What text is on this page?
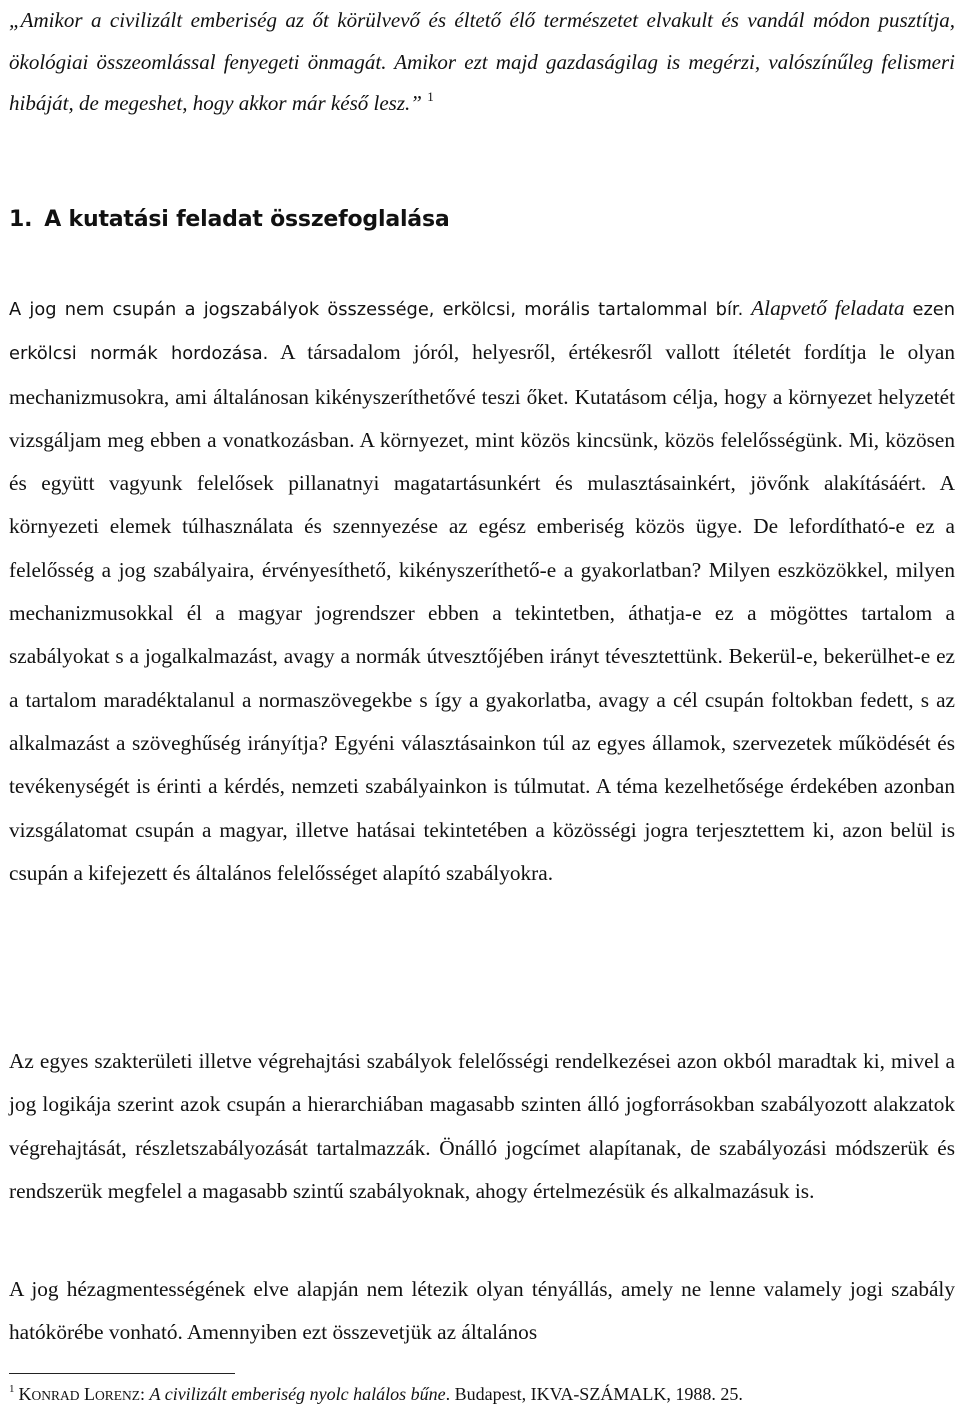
„Amikor a civilizált emberiség az őt körülvevő és éltető élő természetet elvakult és vandál módon pusztítja, ökológiai összeomlással fenyegeti önmagát. Amikor ezt majd gazdaságilag is megérzi, valószínűleg felismeri hibáját, de megeshet, hogy akkor már késő lesz.” $^1$
1. A kutatási feladat összefoglalása
A jog nem csupán a jogszabályok összessége, erkölcsi, morális tartalommal bír. Alapvető feladata ezen erkölcsi normák hordozása. A társadalom jóról, helyesről, értékesről vallott ítéletét fordítja le olyan mechanizmusokra, ami általánosan kikényszeríthetővé teszi őket. Kutatásom célja, hogy a környezet helyzetét vizsgáljam meg ebben a vonatkozásban. A környezet, mint közös kincsünk, közös felelősségünk. Mi, közösen és együtt vagyunk felelősek pillanatnyi magatartásunkért és mulasztásainkért, jövőnk alakításáért. A környezeti elemek túlhasználata és szennyezése az egész emberiség közös ügye. De lefordítható-e ez a felelősség a jog szabályaira, érvényesíthető, kikényszeríthető-e a gyakorlatban? Milyen eszközökkel, milyen mechanizmusokkal él a magyar jogrendszer ebben a tekintetben, áthatja-e ez a mögöttes tartalom a szabályokat s a jogalkalmazást, avagy a normák útvesztőjében irányt tévesztettünk. Bekerül-e, bekerülhet-e ez a tartalom maradéktalanul a normaszövegekbe s így a gyakorlatba, avagy a cél csupán foltokban fedett, s az alkalmazást a szöveghűség irányítja? Egyéni választásainkon túl az egyes államok, szervezetek működését és tevékenységét is érinti a kérdés, nemzeti szabályainkon is túlmutat. A téma kezelhetősége érdekében azonban vizsgálatomat csupán a magyar, illetve hatásai tekintetében a közösségi jogra terjesztettem ki, azon belül is csupán a kifejezett és általános felelősséget alapító szabályokra.
Az egyes szakterületi illetve végrehajtási szabályok felelősségi rendelkezései azon okból maradtak ki, mivel a jog logikája szerint azok csupán a hierarchiában magasabb szinten álló jogforrásokban szabályozott alakzatok végrehajtását, részletszabályozását tartalmazzák. Önálló jogcímet alapítanak, de szabályozási módszerük és rendszerük megfelel a magasabb szintű szabályoknak, ahogy értelmezésük és alkalmazásuk is.
A jog hézagmentességének elve alapján nem létezik olyan tényállás, amely ne lenne valamely jogi szabály hatókörébe vonható. Amennyiben ezt összevetjük az általános
$^1$ KONRAD LORENZ: A civilizált emberiség nyolc halálos bűne. Budapest, IKVA-SZÁMALK, 1988. 25.
